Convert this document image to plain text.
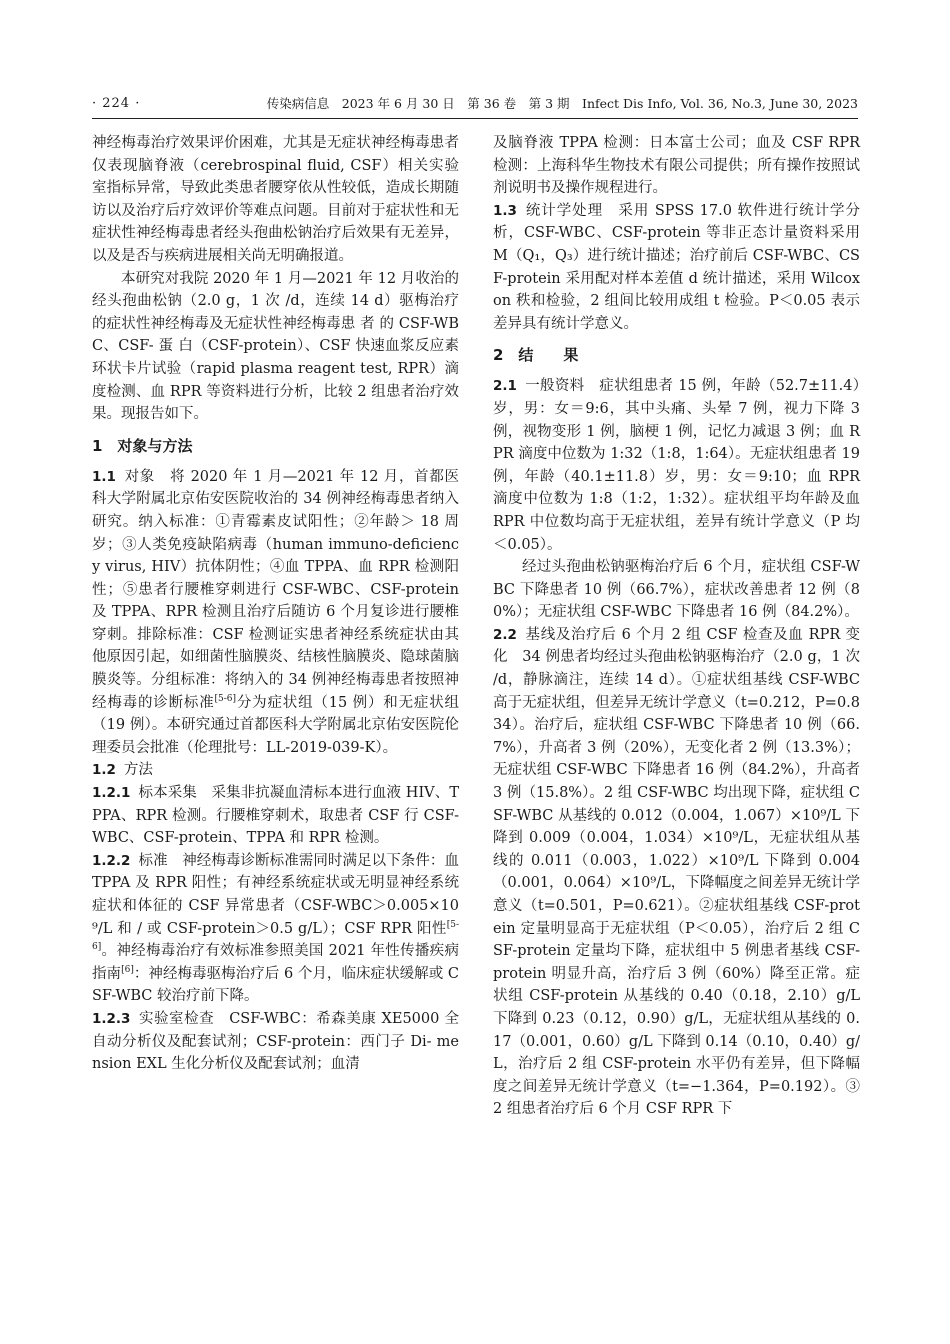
· 224 ·	传染病信息　2023 年 6 月 30 日　第 36 卷　第 3 期　Infect Dis Info, Vol. 36, No.3, June 30, 2023

神经梅毒治疗效果评价困难，尤其是无症状神经梅毒患者仅表现脑脊液（cerebrospinal fluid, CSF）相关实验室指标异常，导致此类患者腰穿依从性较低，造成长期随访以及治疗后疗效评价等难点问题。目前对于症状性和无症状性神经梅毒患者经头孢曲松钠治疗后效果有无差异，以及是否与疾病进展相关尚无明确报道。

本研究对我院 2020 年 1 月—2021 年 12 月收治的经头孢曲松钠（2.0 g，1 次 /d，连续 14 d）驱梅治疗的症状性神经梅毒及无症状性神经梅毒患 者 的 CSF-WBC、CSF- 蛋 白（CSF-protein）、CSF 快速血浆反应素环状卡片试验（rapid plasma reagent test, RPR）滴度检测、血 RPR 等资料进行分析，比较 2 组患者治疗效果。现报告如下。

1　对象与方法

1.1 对象　将 2020 年 1 月—2021 年 12 月，首都医科大学附属北京佑安医院收治的 34 例神经梅毒患者纳入研究。纳入标准：①青霉素皮试阳性；②年龄＞ 18 周岁；③人类免疫缺陷病毒（human immuno-deficiency virus, HIV）抗体阴性；④血 TPPA、血 RPR 检测阳性；⑤患者行腰椎穿刺进行 CSF-WBC、CSF-protein 及 TPPA、RPR 检测且治疗后随访 6 个月复诊进行腰椎穿刺。排除标准：CSF 检测证实患者神经系统症状由其他原因引起，如细菌性脑膜炎、结核性脑膜炎、隐球菌脑膜炎等。分组标准：将纳入的 34 例神经梅毒患者按照神经梅毒的诊断标准[5-6]分为症状组（15 例）和无症状组（19 例）。本研究通过首都医科大学附属北京佑安医院伦理委员会批准（伦理批号：LL-2019-039-K）。

1.2 方法

1.2.1 标本采集　采集非抗凝血清标本进行血液 HIV、TPPA、RPR 检测。行腰椎穿刺术，取患者 CSF 行 CSF-WBC、CSF-protein、TPPA 和 RPR 检测。

1.2.2 标准　神经梅毒诊断标准需同时满足以下条件：血 TPPA 及 RPR 阳性；有神经系统症状或无明显神经系统症状和体征的 CSF 异常患者（CSF-WBC＞0.005×10⁹/L 和 / 或 CSF-protein＞0.5 g/L）；CSF RPR 阳性[5-6]。神经梅毒治疗有效标准参照美国 2021 年性传播疾病指南[6]：神经梅毒驱梅治疗后 6 个月，临床症状缓解或 CSF-WBC 较治疗前下降。

1.2.3 实验室检查　CSF-WBC：希森美康 XE5000 全自动分析仪及配套试剂；CSF-protein：西门子 Di- mension EXL 生化分析仪及配套试剂；血清

及脑脊液 TPPA 检测：日本富士公司；血及 CSF RPR 检测：上海科华生物技术有限公司提供；所有操作按照试剂说明书及操作规程进行。

1.3 统计学处理　采用 SPSS 17.0 软件进行统计学分析，CSF-WBC、CSF-protein 等非正态计量资料采用 M（Q₁，Q₃）进行统计描述；治疗前后 CSF-WBC、CSF-protein 采用配对样本差值 d 统计描述，采用 Wilcoxon 秩和检验，2 组间比较用成组 t 检验。P＜0.05 表示差异具有统计学意义。

2　结　　果

2.1 一般资料　症状组患者 15 例，年龄（52.7±11.4）岁，男：女＝9:6，其中头痛、头晕 7 例，视力下降 3 例，视物变形 1 例，脑梗 1 例，记忆力减退 3 例；血 RPR 滴度中位数为 1:32（1:8，1:64）。无症状组患者 19 例，年龄（40.1±11.8）岁，男：女＝9:10；血 RPR 滴度中位数为 1:8（1:2，1:32）。症状组平均年龄及血 RPR 中位数均高于无症状组，差异有统计学意义（P 均＜0.05）。

经过头孢曲松钠驱梅治疗后 6 个月，症状组 CSF-WBC 下降患者 10 例（66.7%），症状改善患者 12 例（80%）；无症状组 CSF-WBC 下降患者 16 例（84.2%）。

2.2 基线及治疗后 6 个月 2 组 CSF 检查及血 RPR 变化　34 例患者均经过头孢曲松钠驱梅治疗（2.0 g，1 次 /d，静脉滴注，连续 14 d）。①症状组基线 CSF-WBC 高于无症状组，但差异无统计学意义（t=0.212，P=0.834）。治疗后，症状组 CSF-WBC 下降患者 10 例（66.7%），升高者 3 例（20%），无变化者 2 例（13.3%）；无症状组 CSF-WBC 下降患者 16 例（84.2%），升高者 3 例（15.8%）。2 组 CSF-WBC 均出现下降，症状组 CSF-WBC 从基线的 0.012（0.004，1.067）×10⁹/L 下降到 0.009（0.004，1.034）×10⁹/L，无症状组从基线的 0.011（0.003，1.022）×10⁹/L 下降到 0.004（0.001，0.064）×10⁹/L，下降幅度之间差异无统计学意义（t=0.501，P=0.621）。②症状组基线 CSF-protein 定量明显高于无症状组（P＜0.05），治疗后 2 组 CSF-protein 定量均下降，症状组中 5 例患者基线 CSF-protein 明显升高，治疗后 3 例（60%）降至正常。症状组 CSF-protein 从基线的 0.40（0.18，2.10）g/L 下降到 0.23（0.12，0.90）g/L，无症状组从基线的 0.17（0.001，0.60）g/L 下降到 0.14（0.10，0.40）g/L，治疗后 2 组 CSF-protein 水平仍有差异，但下降幅度之间差异无统计学意义（t=−1.364，P=0.192）。③ 2 组患者治疗后 6 个月 CSF RPR 下
